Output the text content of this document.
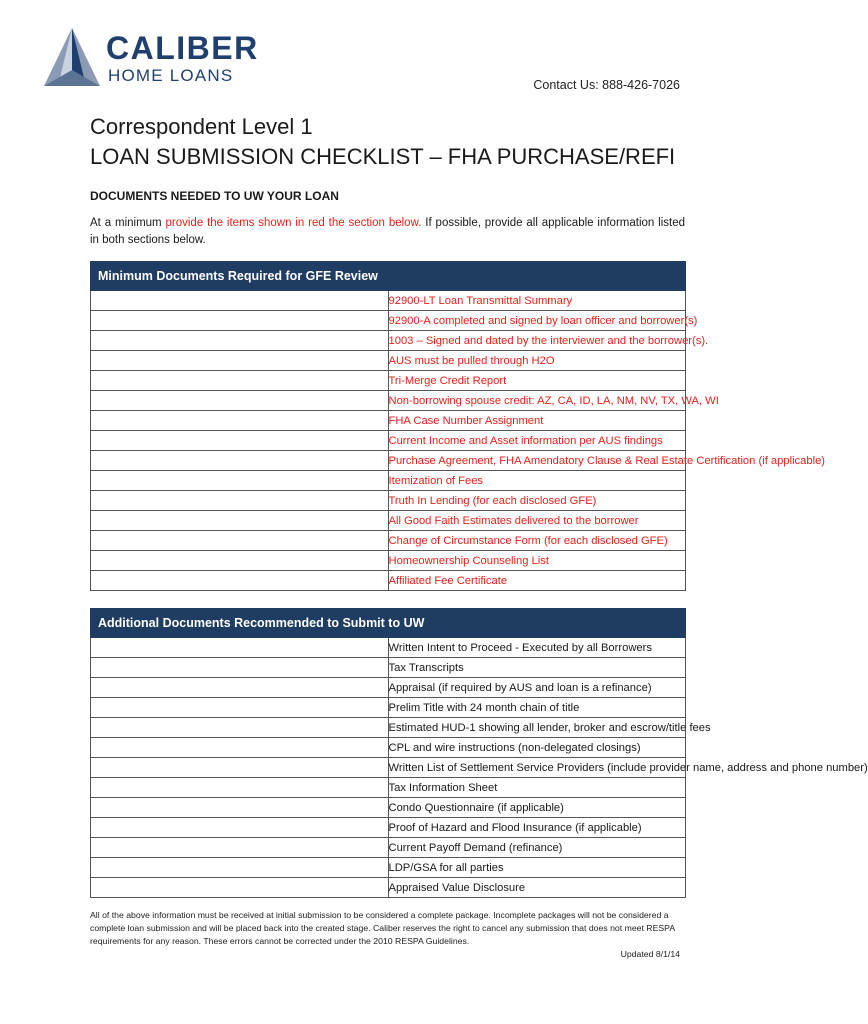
CALIBER
HOME LOANS	Contact Us: 888-426-7026
Correspondent Level 1
LOAN SUBMISSION CHECKLIST – FHA PURCHASE/REFI
DOCUMENTS NEEDED TO UW YOUR LOAN
At a minimum provide the items shown in red the section below. If possible, provide all applicable information listed in both sections below.
Minimum Documents Required for GFE Review	
	92900-LT Loan Transmittal Summary
	92900-A completed and signed by loan officer and borrower(s)
	1003 – Signed and dated by the interviewer and the borrower(s).
	AUS must be pulled through H2O
	Tri-Merge Credit Report
	Non-borrowing spouse credit: AZ, CA, ID, LA, NM, NV, TX, WA, WI
	FHA Case Number Assignment
	Current Income and Asset information per AUS findings
	Purchase Agreement, FHA Amendatory Clause & Real Estate Certification (if applicable)
	Itemization of Fees
	Truth In Lending (for each disclosed GFE)
	All Good Faith Estimates delivered to the borrower
	Change of Circumstance Form (for each disclosed GFE)
	Homeownership Counseling List
	Affiliated Fee Certificate
Additional Documents Recommended to Submit to UW	
	Written Intent to Proceed - Executed by all Borrowers
	Tax Transcripts
	Appraisal (if required by AUS and loan is a refinance)
	Prelim Title with 24 month chain of title
	Estimated HUD-1 showing all lender, broker and escrow/title fees
	CPL and wire instructions (non-delegated closings)
	Written List of Settlement Service Providers (include provider name, address and phone number)
	Tax Information Sheet
	Condo Questionnaire (if applicable)
	Proof of Hazard and Flood Insurance (if applicable)
	Current Payoff Demand (refinance)
	LDP/GSA for all parties
	Appraised Value Disclosure
All of the above information must be received at initial submission to be considered a complete package. Incomplete packages will not be considered a complete loan submission and will be placed back into the created stage. Caliber reserves the right to cancel any submission that does not meet RESPA requirements for any reason. These errors cannot be corrected under the 2010 RESPA Guidelines.
Updated 8/1/14
